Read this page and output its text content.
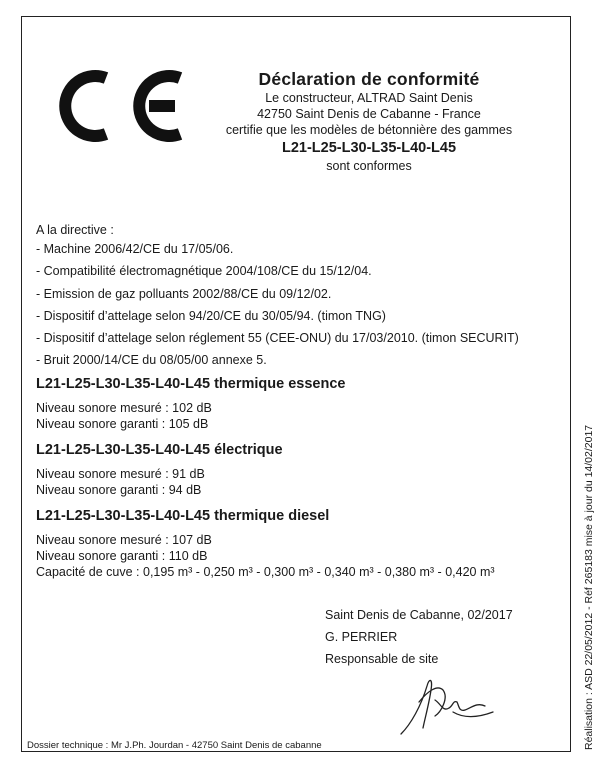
Déclaration de conformité
Le constructeur, ALTRAD Saint Denis
42750 Saint Denis de Cabanne - France
certifie que les modèles de bétonnière des gammes
L21-L25-L30-L35-L40-L45
sont conformes
A la directive :
- Machine 2006/42/CE du 17/05/06.
- Compatibilité électromagnétique 2004/108/CE du 15/12/04.
- Emission de gaz polluants 2002/88/CE du 09/12/02.
- Dispositif d’attelage selon 94/20/CE du 30/05/94. (timon TNG)
- Dispositif d’attelage selon réglement 55 (CEE-ONU) du 17/03/2010. (timon SECURIT)
- Bruit 2000/14/CE du 08/05/00 annexe 5.
L21-L25-L30-L35-L40-L45 thermique essence
Niveau sonore mesuré : 102 dB
Niveau sonore garanti : 105 dB
L21-L25-L30-L35-L40-L45 électrique
Niveau sonore mesuré : 91 dB
Niveau sonore garanti : 94 dB
L21-L25-L30-L35-L40-L45 thermique diesel
Niveau sonore mesuré : 107 dB
Niveau sonore garanti : 110 dB
Capacité de cuve : 0,195 m³ - 0,250 m³ - 0,300 m³ - 0,340 m³ - 0,380 m³ - 0,420 m³
Saint Denis de Cabanne, 02/2017
G. PERRIER
Responsable de site
Dossier technique : Mr J.Ph. Jourdan - 42750 Saint Denis de cabanne	Réalisation : ASD 22/05/2012 - Réf 265183 mise à jour du 14/02/2017
